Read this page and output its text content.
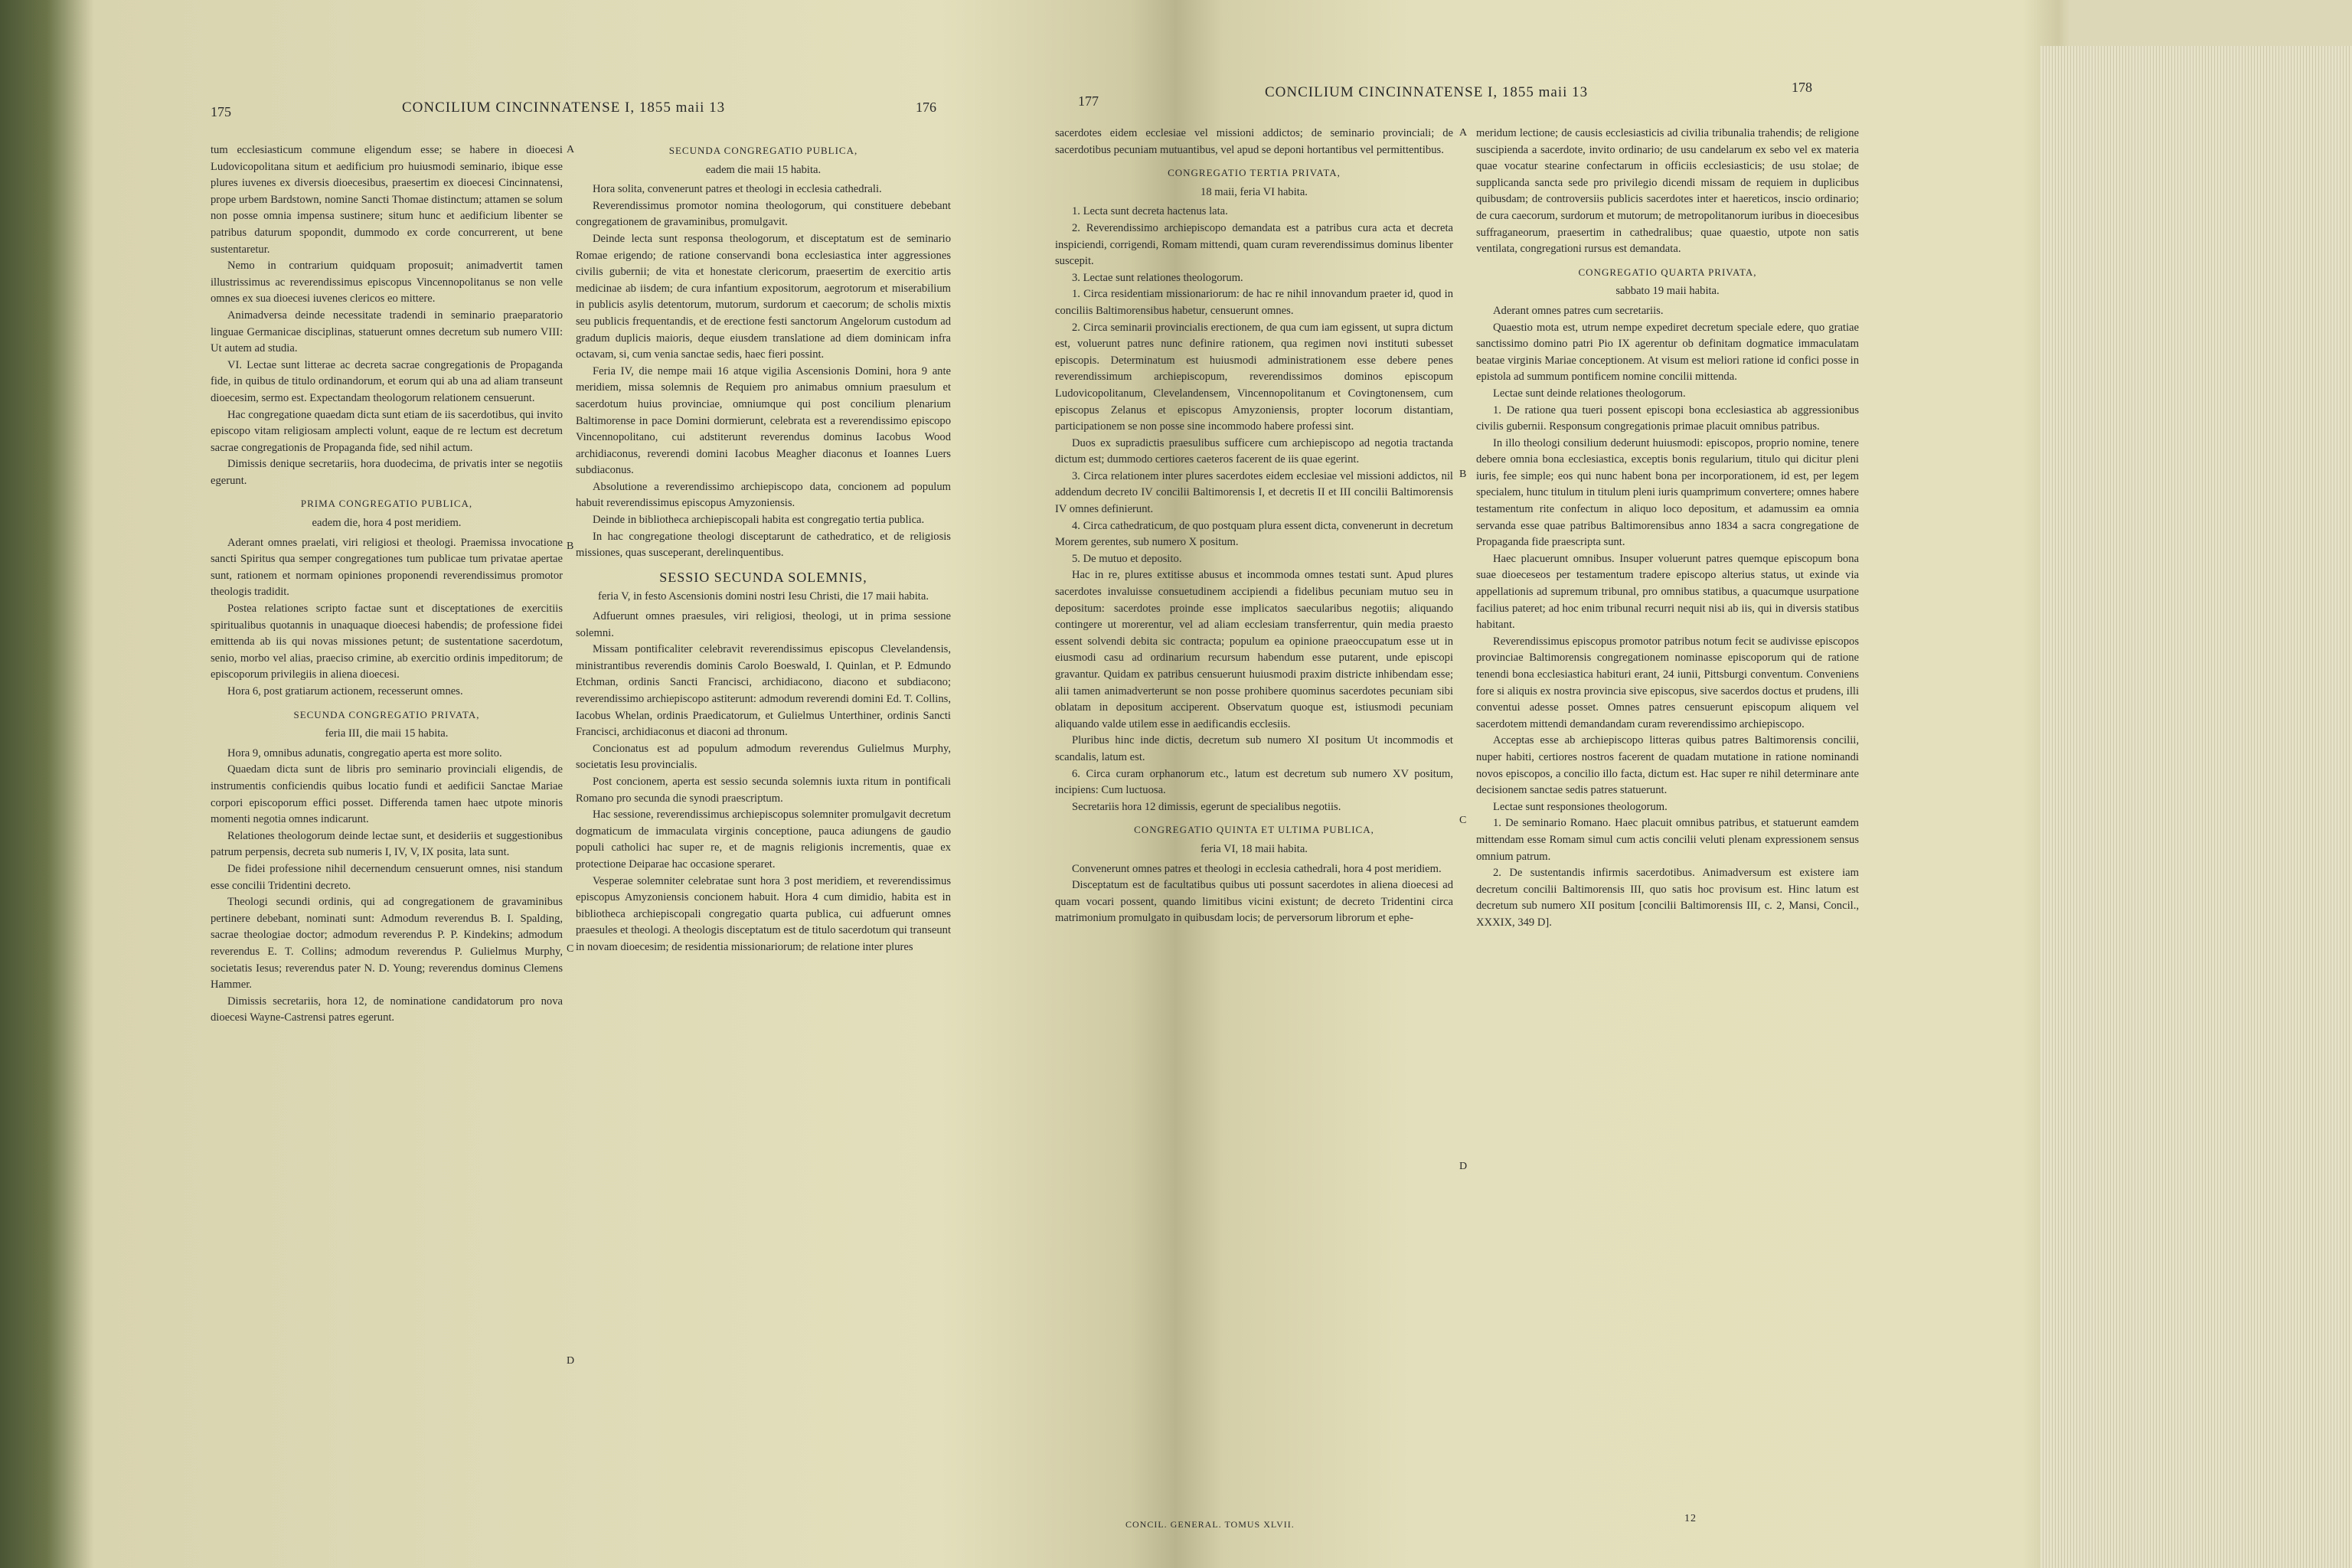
175	CONCILIUM CINCINNATENSE I, 1855 maii 13	176	177
CONCILIUM CINCINNATENSE I, 1855 maii 13	178
A
B
C
D
A
B
C
D

tum ecclesiasticum commune eligendum esse; se habere in dioecesi Ludovicopolitana situm et aedificium pro huiusmodi seminario, ibique esse plures iuvenes ex diversis dioecesibus, praesertim ex dioecesi Cincinnatensi, prope urbem Bardstown, nomine Sancti Thomae distinctum; attamen se solum non posse omnia impensa sustinere; situm hunc et aedificium libenter se patribus daturum spopondit, dummodo ex corde concurrerent, ut bene sustentaretur.

Nemo in contrarium quidquam proposuit; animadvertit tamen illustrissimus ac reverendissimus episcopus Vincennopolitanus se non velle omnes ex sua dioecesi iuvenes clericos eo mittere.

Animadversa deinde necessitate tradendi in seminario praeparatorio linguae Germanicae disciplinas, statuerunt omnes decretum sub numero VIII: Ut autem ad studia.

VI. Lectae sunt litterae ac decreta sacrae congregationis de Propaganda fide, in quibus de titulo ordinandorum, et eorum qui ab una ad aliam transeunt dioecesim, sermo est. Expectandam theologorum relationem censuerunt.

Hac congregatione quaedam dicta sunt etiam de iis sacerdotibus, qui invito episcopo vitam religiosam amplecti volunt, eaque de re lectum est decretum sacrae congregationis de Propaganda fide, sed nihil actum.

Dimissis denique secretariis, hora duodecima, de privatis inter se negotiis egerunt.

PRIMA CONGREGATIO PUBLICA,

eadem die, hora 4 post meridiem.

Aderant omnes praelati, viri religiosi et theologi. Praemissa invocatione sancti Spiritus qua semper congregationes tum publicae tum privatae apertae sunt, rationem et normam opiniones proponendi reverendissimus promotor theologis tradidit.

Postea relationes scripto factae sunt et disceptationes de exercitiis spiritualibus quotannis in unaquaque dioecesi habendis; de professione fidei emittenda ab iis qui novas missiones petunt; de sustentatione sacerdotum, senio, morbo vel alias, praeciso crimine, ab exercitio ordinis impeditorum; de episcoporum privilegiis in aliena dioecesi.

Hora 6, post gratiarum actionem, recesserunt omnes.

SECUNDA CONGREGATIO PRIVATA,

feria III, die maii 15 habita.

Hora 9, omnibus adunatis, congregatio aperta est more solito.

Quaedam dicta sunt de libris pro seminario provinciali eligendis, de instrumentis conficiendis quibus locatio fundi et aedificii Sanctae Mariae corpori episcoporum effici posset. Differenda tamen haec utpote minoris momenti negotia omnes indicarunt.

Relationes theologorum deinde lectae sunt, et desideriis et suggestionibus patrum perpensis, decreta sub numeris I, IV, V, IX posita, lata sunt.

De fidei professione nihil decernendum censuerunt omnes, nisi standum esse concilii Tridentini decreto.

Theologi secundi ordinis, qui ad congregationem de gravaminibus pertinere debebant, nominati sunt: Admodum reverendus B. I. Spalding, sacrae theologiae doctor; admodum reverendus P. P. Kindekins; admodum reverendus E. T. Collins; admodum reverendus P. Gulielmus Murphy, societatis Iesus; reverendus pater N. D. Young; reverendus dominus Clemens Hammer.

Dimissis secretariis, hora 12, de nominatione candidatorum pro nova dioecesi Wayne-Castrensi patres egerunt.

SECUNDA CONGREGATIO PUBLICA,

eadem die maii 15 habita.

Hora solita, convenerunt patres et theologi in ecclesia cathedrali.

Reverendissimus promotor nomina theologorum, qui constituere debebant congregationem de gravaminibus, promulgavit.

Deinde lecta sunt responsa theologorum, et disceptatum est de seminario Romae erigendo; de ratione conservandi bona ecclesiastica inter aggressiones civilis gubernii; de vita et honestate clericorum, praesertim de exercitio artis medicinae ab iisdem; de cura infantium expositorum, aegrotorum et miserabilium in publicis asylis detentorum, mutorum, surdorum et caecorum; de scholis mixtis seu publicis frequentandis, et de erectione festi sanctorum Angelorum custodum ad gradum duplicis maioris, deque eiusdem translatione ad diem dominicam infra octavam, si, cum venia sanctae sedis, haec fieri possint.

Feria IV, die nempe maii 16 atque vigilia Ascensionis Domini, hora 9 ante meridiem, missa solemnis de Requiem pro animabus omnium praesulum et sacerdotum huius provinciae, omniumque qui post concilium plenarium Baltimorense in pace Domini dormierunt, celebrata est a reverendissimo episcopo Vincennopolitano, cui adstiterunt reverendus dominus Iacobus Wood archidiaconus, reverendi domini Iacobus Meagher diaconus et Ioannes Luers subdiaconus.

Absolutione a reverendissimo archiepiscopo data, concionem ad populum habuit reverendissimus episcopus Amyzoniensis.

Deinde in bibliotheca archiepiscopali habita est congregatio tertia publica.

In hac congregatione theologi disceptarunt de cathedratico, et de religiosis missiones, quas susceperant, derelinquentibus.

SESSIO SECUNDA SOLEMNIS,

feria V, in festo Ascensionis domini nostri Iesu Christi, die 17 maii habita.

Adfuerunt omnes praesules, viri religiosi, theologi, ut in prima sessione solemni.

Missam pontificaliter celebravit reverendissimus episcopus Clevelandensis, ministrantibus reverendis dominis Carolo Boeswald, I. Quinlan, et P. Edmundo Etchman, ordinis Sancti Francisci, archidiacono, diacono et subdiacono; reverendissimo archiepiscopo astiterunt: admodum reverendi domini Ed. T. Collins, Iacobus Whelan, ordinis Praedicatorum, et Gulielmus Unterthiner, ordinis Sancti Francisci, archidiaconus et diaconi ad thronum.

Concionatus est ad populum admodum reverendus Gulielmus Murphy, societatis Iesu provincialis.

Post concionem, aperta est sessio secunda solemnis iuxta ritum in pontificali Romano pro secunda die synodi praescriptum.

Hac sessione, reverendissimus archiepiscopus solemniter promulgavit decretum dogmaticum de immaculata virginis conceptione, pauca adiungens de gaudio populi catholici hac super re, et de magnis religionis incrementis, quae ex protectione Deiparae hac occasione speraret.

Vesperae solemniter celebratae sunt hora 3 post meridiem, et reverendissimus episcopus Amyzoniensis concionem habuit. Hora 4 cum dimidio, habita est in bibliotheca archiepiscopali congregatio quarta publica, cui adfuerunt omnes praesules et theologi. A theologis disceptatum est de titulo sacerdotum qui transeunt in novam dioecesim; de residentia missionariorum; de relatione inter plures

sacerdotes eidem ecclesiae vel missioni addictos; de seminario provinciali; de sacerdotibus pecuniam mutuantibus, vel apud se deponi hortantibus vel permittentibus.

CONGREGATIO TERTIA PRIVATA,

18 maii, feria VI habita.

1. Lecta sunt decreta hactenus lata.

2. Reverendissimo archiepiscopo demandata est a patribus cura acta et decreta inspiciendi, corrigendi, Romam mittendi, quam curam reverendissimus dominus libenter suscepit.

3. Lectae sunt relationes theologorum.

1. Circa residentiam missionariorum: de hac re nihil innovandum praeter id, quod in conciliis Baltimorensibus habetur, censuerunt omnes.

2. Circa seminarii provincialis erectionem, de qua cum iam egissent, ut supra dictum est, voluerunt patres nunc definire rationem, qua regimen novi instituti subesset episcopis. Determinatum est huiusmodi administrationem esse debere penes reverendissimum archiepiscopum, reverendissimos dominos episcopum Ludovicopolitanum, Clevelandensem, Vincennopolitanum et Covingtonensem, cum episcopus Zelanus et episcopus Amyzoniensis, propter locorum distantiam, participationem se non posse sine incommodo habere professi sint.

Duos ex supradictis praesulibus sufficere cum archiepiscopo ad negotia tractanda dictum est; dummodo certiores caeteros facerent de iis quae egerint.

3. Circa relationem inter plures sacerdotes eidem ecclesiae vel missioni addictos, nil addendum decreto IV concilii Baltimorensis I, et decretis II et III concilii Baltimorensis IV omnes definierunt.

4. Circa cathedraticum, de quo postquam plura essent dicta, convenerunt in decretum Morem gerentes, sub numero X positum.

5. De mutuo et deposito.

Hac in re, plures extitisse abusus et incommoda omnes testati sunt. Apud plures sacerdotes invaluisse consuetudinem accipiendi a fidelibus pecuniam mutuo seu in depositum: sacerdotes proinde esse implicatos saecularibus negotiis; aliquando contingere ut morerentur, vel ad aliam ecclesiam transferrentur, quin media praesto essent solvendi debita sic contracta; populum ea opinione praeoccupatum esse ut in eiusmodi casu ad ordinarium recursum habendum esse putarent, unde episcopi gravantur. Quidam ex patribus censuerunt huiusmodi praxim districte inhibendam esse; alii tamen animadverterunt se non posse prohibere quominus sacerdotes pecuniam sibi oblatam in depositum acciperent. Observatum quoque est, istiusmodi pecuniam aliquando valde utilem esse in aedificandis ecclesiis.

Pluribus hinc inde dictis, decretum sub numero XI positum Ut incommodis et scandalis, latum est.

6. Circa curam orphanorum etc., latum est decretum sub numero XV positum, incipiens: Cum luctuosa.

Secretariis hora 12 dimissis, egerunt de specialibus negotiis.

CONGREGATIO QUINTA ET ULTIMA PUBLICA,

feria VI, 18 maii habita.

Convenerunt omnes patres et theologi in ecclesia cathedrali, hora 4 post meridiem.

Disceptatum est de facultatibus quibus uti possunt sacerdotes in aliena dioecesi ad quam vocari possent, quando limitibus vicini existunt; de decreto Tridentini circa matrimonium promulgato in quibusdam locis; de perversorum librorum et ephe-

meridum lectione; de causis ecclesiasticis ad civilia tribunalia trahendis; de religione suscipienda a sacerdote, invito ordinario; de usu candelarum ex sebo vel ex materia quae vocatur stearine confectarum in officiis ecclesiasticis; de usu stolae; de supplicanda sancta sede pro privilegio dicendi missam de requiem in duplicibus quibusdam; de controversiis publicis sacerdotes inter et haereticos, inscio ordinario; de cura caecorum, surdorum et mutorum; de metropolitanorum iuribus in dioecesibus suffraganeorum, praesertim in cathedralibus; quae quaestio, utpote non satis ventilata, congregationi rursus est demandata.

CONGREGATIO QUARTA PRIVATA,

sabbato 19 maii habita.

Aderant omnes patres cum secretariis.

Quaestio mota est, utrum nempe expediret decretum speciale edere, quo gratiae sanctissimo domino patri Pio IX agerentur ob definitam dogmatice immaculatam beatae virginis Mariae conceptionem. At visum est meliori ratione id confici posse in epistola ad summum pontificem nomine concilii mittenda.

Lectae sunt deinde relationes theologorum.

1. De ratione qua tueri possent episcopi bona ecclesiastica ab aggressionibus civilis gubernii. Responsum congregationis primae placuit omnibus patribus.

In illo theologi consilium dederunt huiusmodi: episcopos, proprio nomine, tenere debere omnia bona ecclesiastica, exceptis bonis regularium, titulo qui dicitur pleni iuris, fee simple; eos qui nunc habent bona per incorporationem, id est, per legem specialem, hunc titulum in titulum pleni iuris quamprimum convertere; omnes habere testamentum rite confectum in aliquo loco depositum, et adamussim ea omnia servanda esse quae patribus Baltimorensibus anno 1834 a sacra congregatione de Propaganda fide praescripta sunt.

Haec placuerunt omnibus. Insuper voluerunt patres quemque episcopum bona suae dioeceseos per testamentum tradere episcopo alterius status, ut exinde via appellationis ad supremum tribunal, pro omnibus statibus, a quacumque usurpatione facilius pateret; ad hoc enim tribunal recurri nequit nisi ab iis, qui in diversis statibus habitant.

Reverendissimus episcopus promotor patribus notum fecit se audivisse episcopos provinciae Baltimorensis congregationem nominasse episcoporum qui de ratione tenendi bona ecclesiastica habituri erant, 24 iunii, Pittsburgi conventum. Conveniens fore si aliquis ex nostra provincia sive episcopus, sive sacerdos doctus et prudens, illi conventui adesse posset. Omnes patres censuerunt episcopum aliquem vel sacerdotem mittendi demandandam curam reverendissimo archiepiscopo.

Acceptas esse ab archiepiscopo litteras quibus patres Baltimorensis concilii, nuper habiti, certiores nostros facerent de quadam mutatione in ratione nominandi novos episcopos, a concilio illo facta, dictum est. Hac super re nihil determinare ante decisionem sanctae sedis patres statuerunt.

Lectae sunt responsiones theologorum.

1. De seminario Romano. Haec placuit omnibus patribus, et statuerunt eamdem mittendam esse Romam simul cum actis concilii veluti plenam expressionem sensus omnium patrum.

2. De sustentandis infirmis sacerdotibus. Animadversum est existere iam decretum concilii Baltimorensis III, quo satis hoc provisum est. Hinc latum est decretum sub numero XII positum [concilii Baltimorensis III, c. 2, Mansi, Concil., XXXIX, 349 D].

CONCIL. GENERAL. TOMUS XLVII.	12
